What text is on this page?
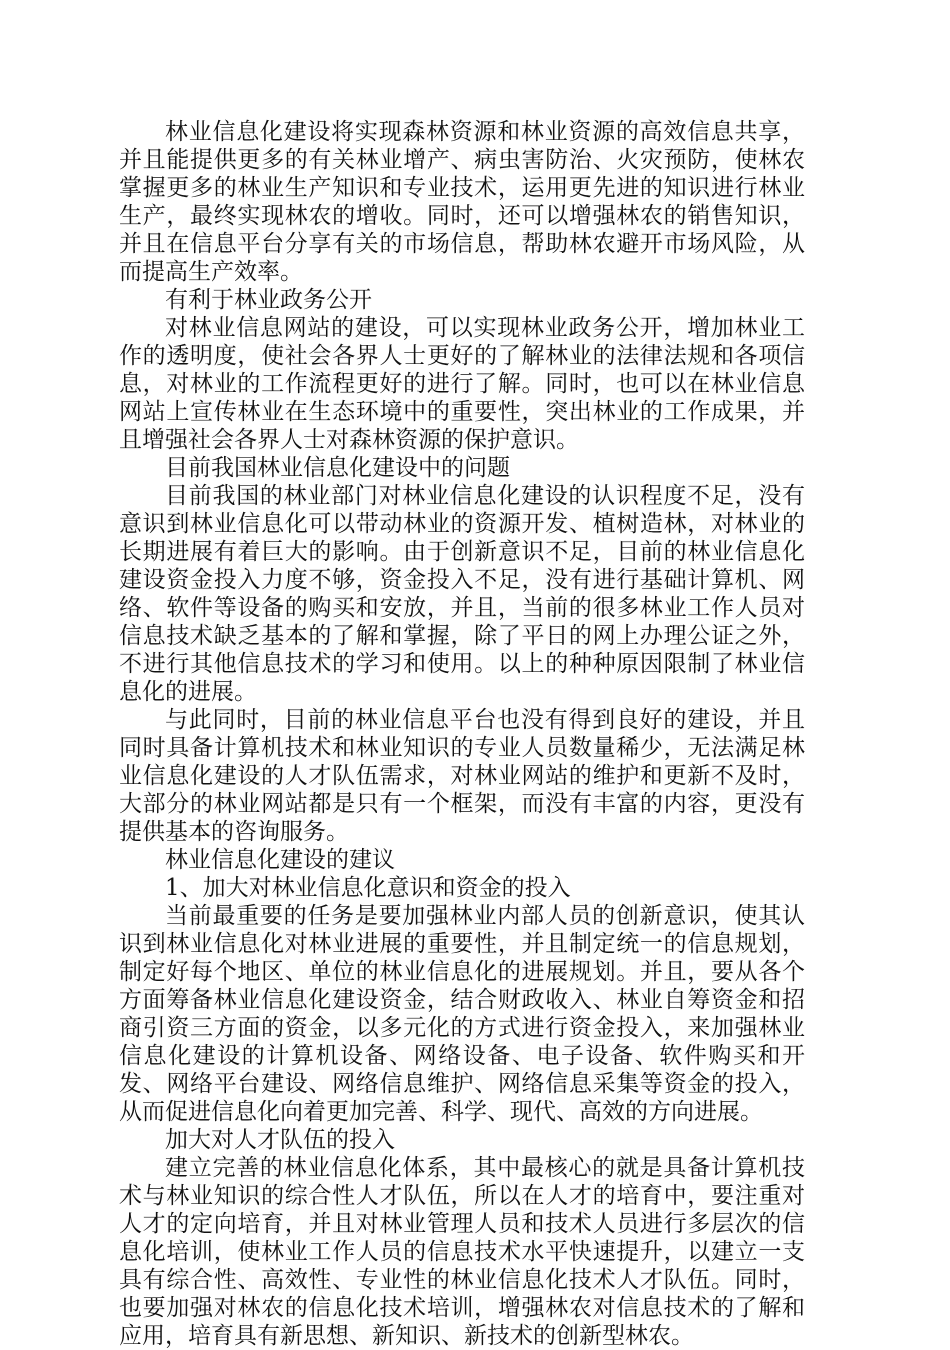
林业信息化建设将实现森林资源和林业资源的高效信息共享，并且能提供更多的有关林业增产、病虫害防治、火灾预防，使林农掌握更多的林业生产知识和专业技术，运用更先进的知识进行林业生产，最终实现林农的增收。同时，还可以增强林农的销售知识，并且在信息平台分享有关的市场信息，帮助林农避开市场风险，从而提高生产效率。

有利于林业政务公开

对林业信息网站的建设，可以实现林业政务公开，增加林业工作的透明度，使社会各界人士更好的了解林业的法律法规和各项信息，对林业的工作流程更好的进行了解。同时，也可以在林业信息网站上宣传林业在生态环境中的重要性，突出林业的工作成果，并且增强社会各界人士对森林资源的保护意识。

目前我国林业信息化建设中的问题

目前我国的林业部门对林业信息化建设的认识程度不足，没有意识到林业信息化可以带动林业的资源开发、植树造林，对林业的长期进展有着巨大的影响。由于创新意识不足，目前的林业信息化建设资金投入力度不够，资金投入不足，没有进行基础计算机、网络、软件等设备的购买和安放，并且，当前的很多林业工作人员对信息技术缺乏基本的了解和掌握，除了平日的网上办理公证之外，不进行其他信息技术的学习和使用。以上的种种原因限制了林业信息化的进展。

与此同时，目前的林业信息平台也没有得到良好的建设，并且同时具备计算机技术和林业知识的专业人员数量稀少，无法满足林业信息化建设的人才队伍需求，对林业网站的维护和更新不及时，大部分的林业网站都是只有一个框架，而没有丰富的内容，更没有提供基本的咨询服务。

林业信息化建设的建议

1、加大对林业信息化意识和资金的投入

当前最重要的任务是要加强林业内部人员的创新意识，使其认识到林业信息化对林业进展的重要性，并且制定统一的信息规划，制定好每个地区、单位的林业信息化的进展规划。并且，要从各个方面筹备林业信息化建设资金，结合财政收入、林业自筹资金和招商引资三方面的资金，以多元化的方式进行资金投入，来加强林业信息化建设的计算机设备、网络设备、电子设备、软件购买和开发、网络平台建设、网络信息维护、网络信息采集等资金的投入，从而促进信息化向着更加完善、科学、现代、高效的方向进展。

加大对人才队伍的投入

建立完善的林业信息化体系，其中最核心的就是具备计算机技术与林业知识的综合性人才队伍，所以在人才的培育中，要注重对人才的定向培育，并且对林业管理人员和技术人员进行多层次的信息化培训，使林业工作人员的信息技术水平快速提升，以建立一支具有综合性、高效性、专业性的林业信息化技术人才队伍。同时，也要加强对林农的信息化技术培训，增强林农对信息技术的了解和应用，培育具有新思想、新知识、新技术的创新型林农。
